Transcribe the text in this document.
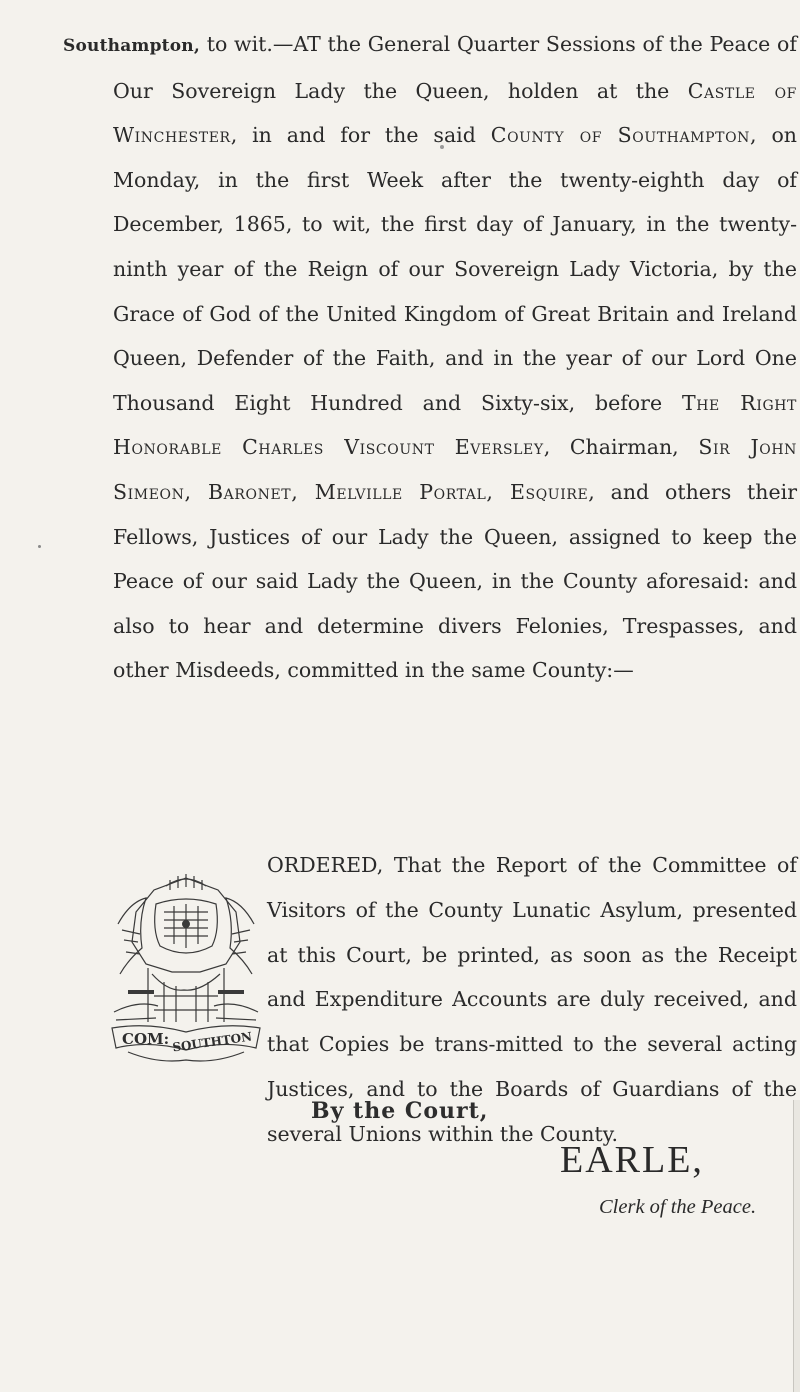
Southampton, to wit.—AT the General Quarter Sessions of the Peace of Our Sovereign Lady the Queen, holden at the Castle of Winchester, in and for the said County of Southampton, on Monday, in the first Week after the twenty-eighth day of December, 1865, to wit, the first day of January, in the twenty-ninth year of the Reign of our Sovereign Lady Victoria, by the Grace of God of the United Kingdom of Great Britain and Ireland Queen, Defender of the Faith, and in the year of our Lord One Thousand Eight Hundred and Sixty-six, before The Right Honorable Charles Viscount Eversley, Chairman, Sir John Simeon, Baronet, Melville Portal, Esquire, and others their Fellows, Justices of our Lady the Queen, assigned to keep the Peace of our said Lady the Queen, in the County aforesaid: and also to hear and determine divers Felonies, Trespasses, and other Misdeeds, committed in the same County:—

COM: SOUTHTON

ORDERED, That the Report of the Committee of Visitors of the County Lunatic Asylum, presented at this Court, be printed, as soon as the Receipt and Expenditure Accounts are duly received, and that Copies be trans-mitted to the several acting Justices, and to the Boards of Guardians of the several Unions within the County.

By the Court,
EARLE,
Clerk of the Peace.
